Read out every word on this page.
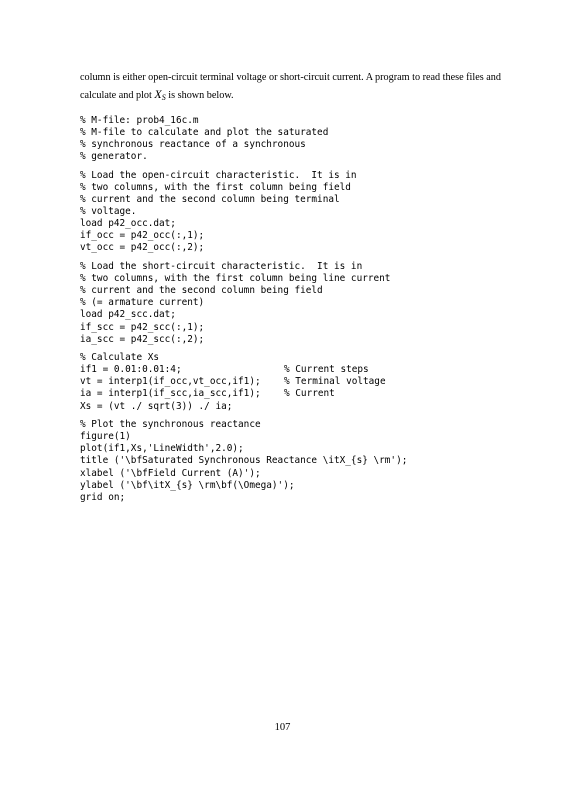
column is either open-circuit terminal voltage or short-circuit current. A program to read these files and

calculate and plot $X_S$ is shown below.

% M-file: prob4_16c.m
% M-file to calculate and plot the saturated
% synchronous reactance of a synchronous
% generator.
% Load the open-circuit characteristic.  It is in
% two columns, with the first column being field
% current and the second column being terminal
% voltage.
load p42_occ.dat;
if_occ = p42_occ(:,1);
vt_occ = p42_occ(:,2);
% Load the short-circuit characteristic.  It is in
% two columns, with the first column being line current
% current and the second column being field
% (= armature current)
load p42_scc.dat;
if_scc = p42_scc(:,1);
ia_scc = p42_scc(:,2);
% Calculate Xs
if1 = 0.01:0.01:4;	% Current steps
vt = interp1(if_occ,vt_occ,if1);	% Terminal voltage
ia = interp1(if_scc,ia_scc,if1);	% Current
Xs = (vt ./ sqrt(3)) ./ ia;
% Plot the synchronous reactance
figure(1)
plot(if1,Xs,'LineWidth',2.0);
title ('\bfSaturated Synchronous Reactance \itX_{s} \rm');
xlabel ('\bfField Current (A)');
ylabel ('\bf\itX_{s} \rm\bf(\Omega)');
grid on;
107
